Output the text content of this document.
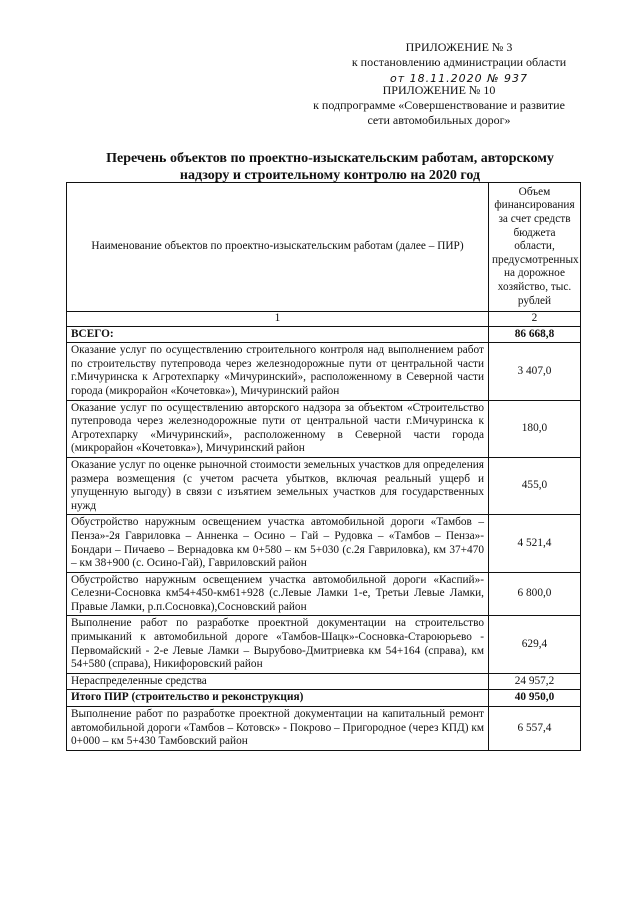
ПРИЛОЖЕНИЕ № 3
к постановлению администрации области
от 18.11.2020 № 937
ПРИЛОЖЕНИЕ № 10
к подпрограмме «Совершенствование и развитие
сети автомобильных дорог»
Перечень объектов по проектно-изыскательским работам, авторскому
надзору и строительному контролю на 2020 год
Наименование объектов по проектно-изыскательским работам (далее – ПИР)	Объем финансирования за счет средств бюджета области, предусмотренных на дорожное хозяйство, тыс. рублей
1	2
ВСЕГО:	86 668,8
Оказание услуг по осуществлению строительного контроля над выполнением работ по строительству путепровода через железнодорожные пути от центральной части г.Мичуринска к Агротехпарку «Мичуринский», расположенному в Северной части города (микрорайон «Кочетовка»), Мичуринский район	3 407,0
Оказание услуг по осуществлению авторского надзора за объектом «Строительство путепровода через железнодорожные пути от центральной части г.Мичуринска к Агротехпарку «Мичуринский», расположенному в Северной части города (микрорайон «Кочетовка»), Мичуринский район	180,0
Оказание услуг по оценке рыночной стоимости земельных участков для определения размера возмещения (с учетом расчета убытков, включая реальный ущерб и упущенную выгоду) в связи с изъятием земельных участков для государственных нужд	455,0
Обустройство наружным освещением участка автомобильной дороги «Тамбов – Пенза»-2я Гавриловка – Анненка – Осино – Гай – Рудовка – «Тамбов – Пенза»- Бондари – Пичаево – Вернадовка км 0+580 – км 5+030 (с.2я Гавриловка), км 37+470 – км 38+900 (с. Осино-Гай), Гавриловский район	4 521,4
Обустройство наружным освещением участка автомобильной дороги «Каспий»-Селезни-Сосновка км54+450-км61+928 (с.Левые Ламки 1-е, Третьи Левые Ламки, Правые Ламки, р.п.Сосновка),Сосновский район	6 800,0
Выполнение работ по разработке проектной документации на строительство примыканий к автомобильной дороге «Тамбов-Шацк»-Сосновка-Староюрьево - Первомайский - 2-е Левые Ламки – Вырубово-Дмитриевка км 54+164 (справа), км 54+580 (справа), Никифоровский район	629,4
Нераспределенные средства	24 957,2
Итого ПИР (строительство и реконструкция)	40 950,0
Выполнение работ по разработке проектной документации на капитальный ремонт автомобильной дороги «Тамбов – Котовск» - Покрово – Пригородное (через КПД) км 0+000 – км 5+430 Тамбовский район	6 557,4
